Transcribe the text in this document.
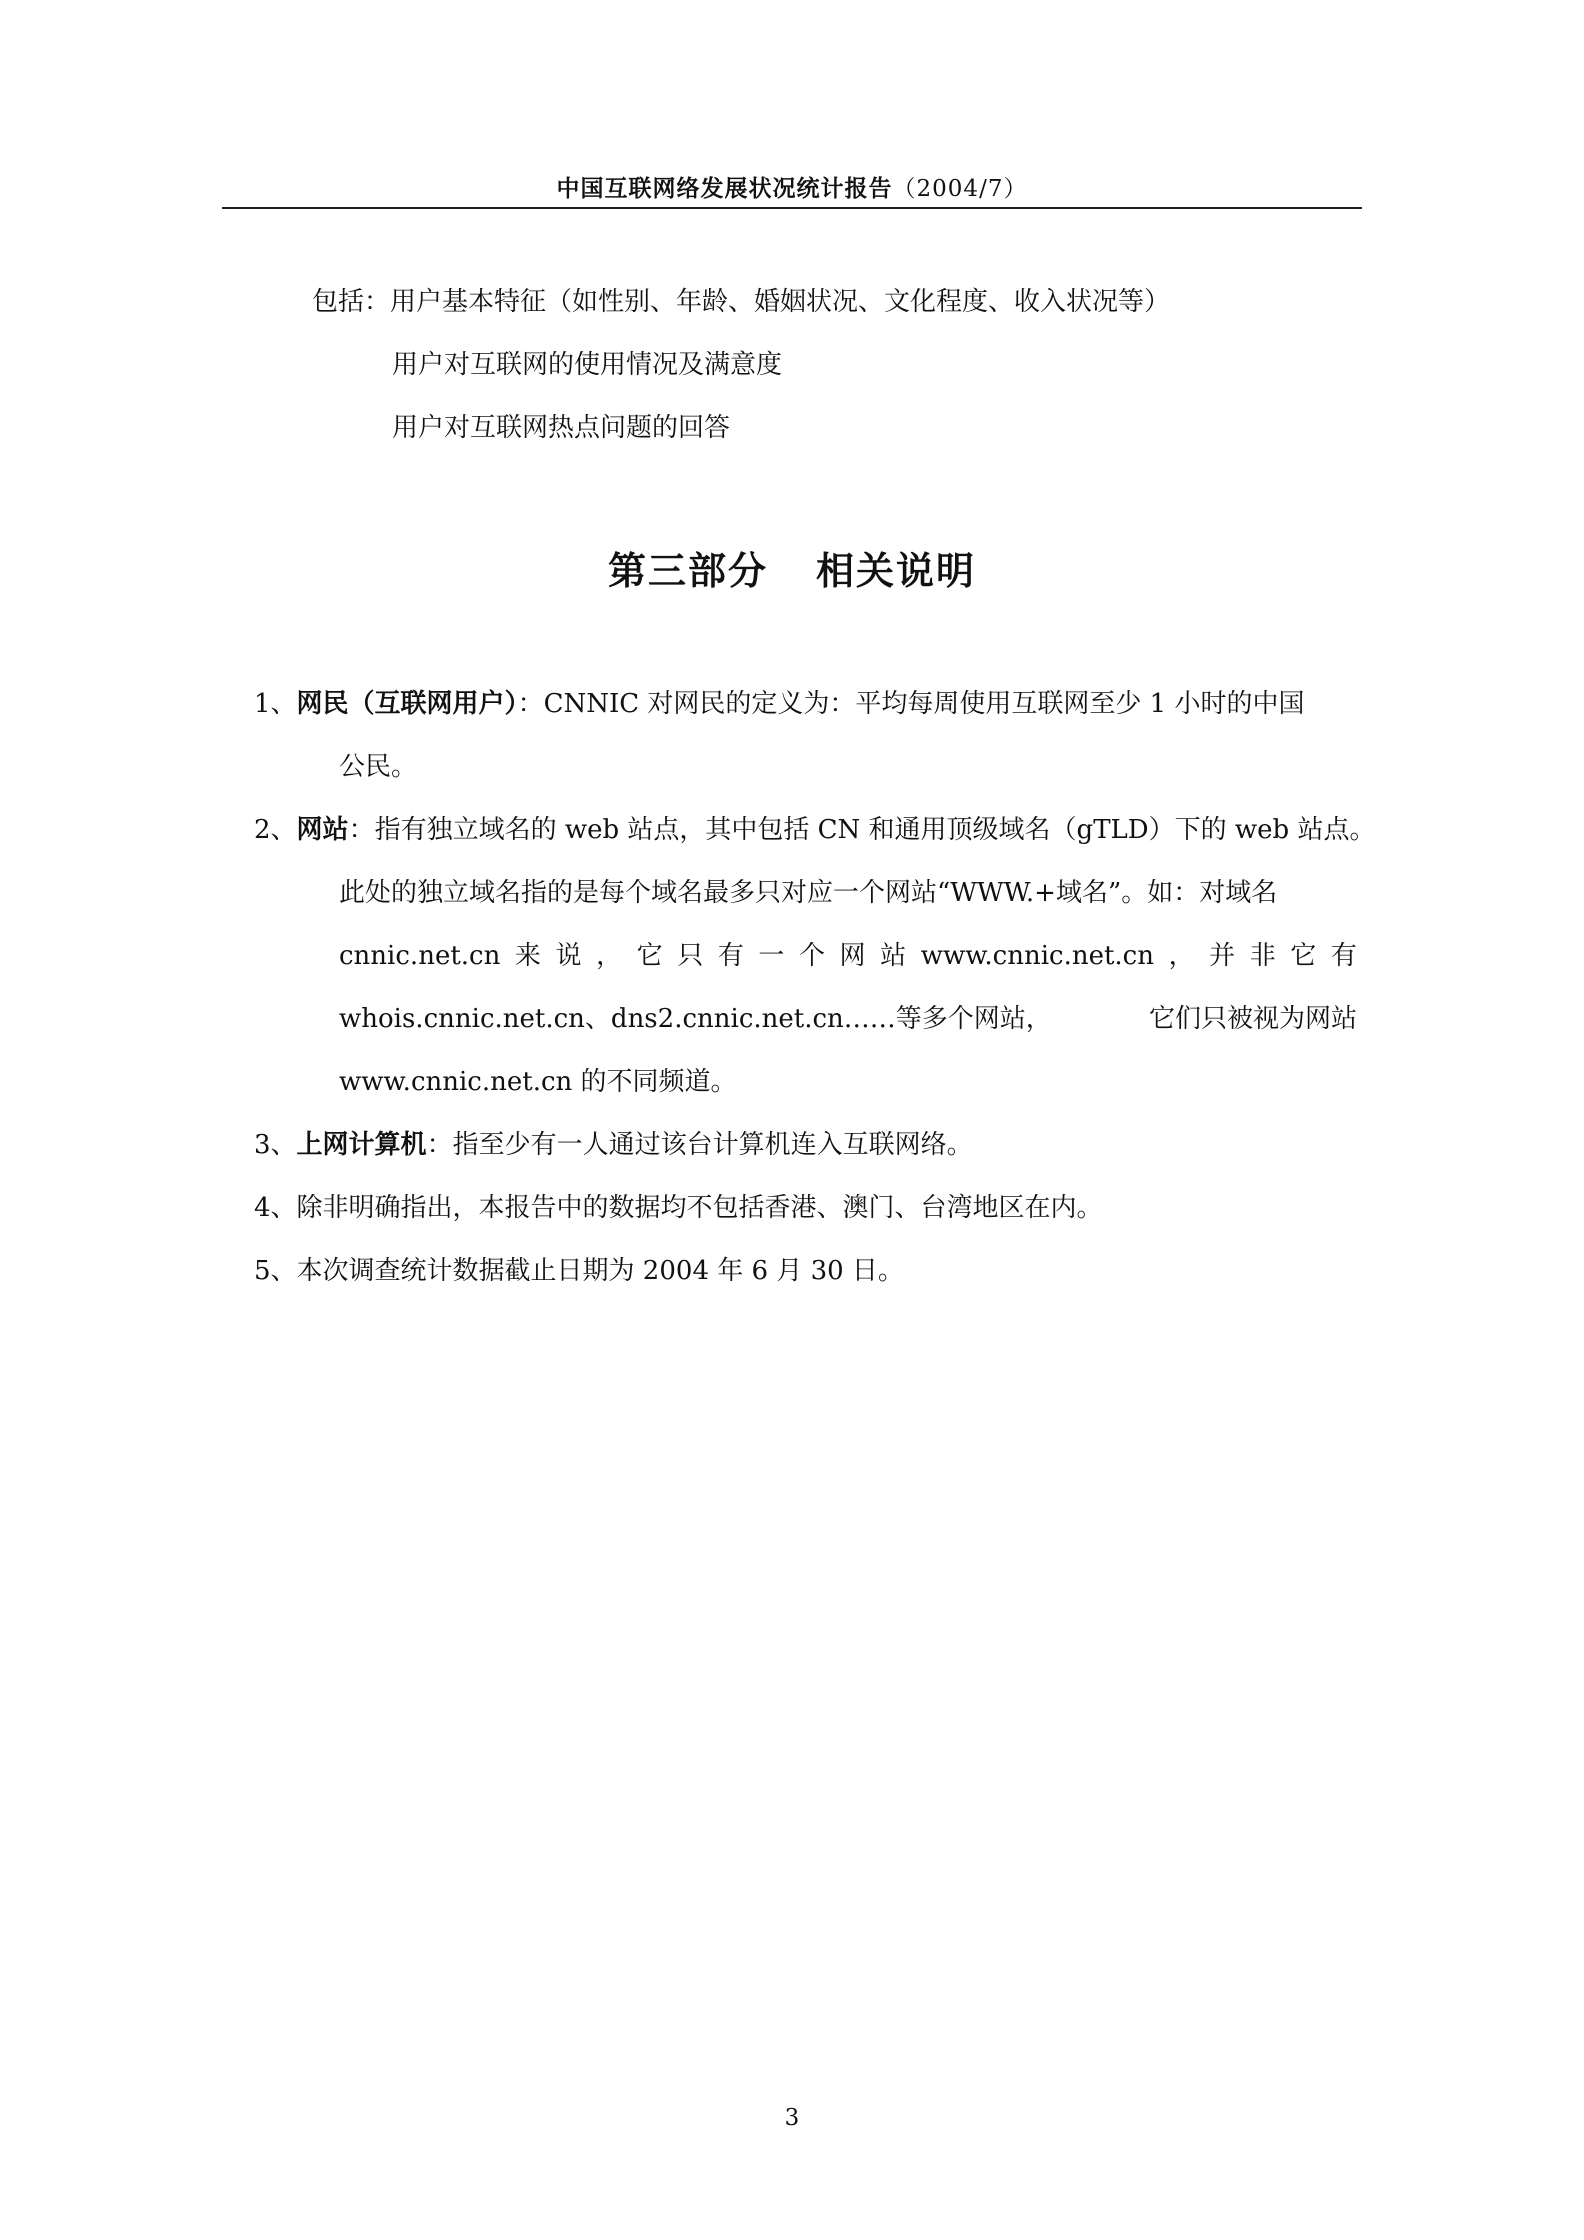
中国互联网络发展状况统计报告（2004/7）
包括：用户基本特征（如性别、年龄、婚姻状况、文化程度、收入状况等）
用户对互联网的使用情况及满意度
用户对互联网热点问题的回答
第三部分 相关说明
1、网民（互联网用户）：CNNIC 对网民的定义为：平均每周使用互联网至少 1 小时的中国
公民。
2、网站：指有独立域名的 web 站点，其中包括 CN 和通用顶级域名（gTLD）下的 web 站点。
此处的独立域名指的是每个域名最多只对应一个网站“WWW.+域名”。如：对域名
cnnic.net.cn 来 说 ， 它 只 有 一 个 网 站 www.cnnic.net.cn ， 并 非 它 有
whois.cnnic.net.cn、dns2.cnnic.net.cn……等多个网站，	它们只被视为网站
www.cnnic.net.cn 的不同频道。
3、上网计算机：指至少有一人通过该台计算机连入互联网络。
4、除非明确指出，本报告中的数据均不包括香港、澳门、台湾地区在内。
5、本次调查统计数据截止日期为 2004 年 6 月 30 日。
3
